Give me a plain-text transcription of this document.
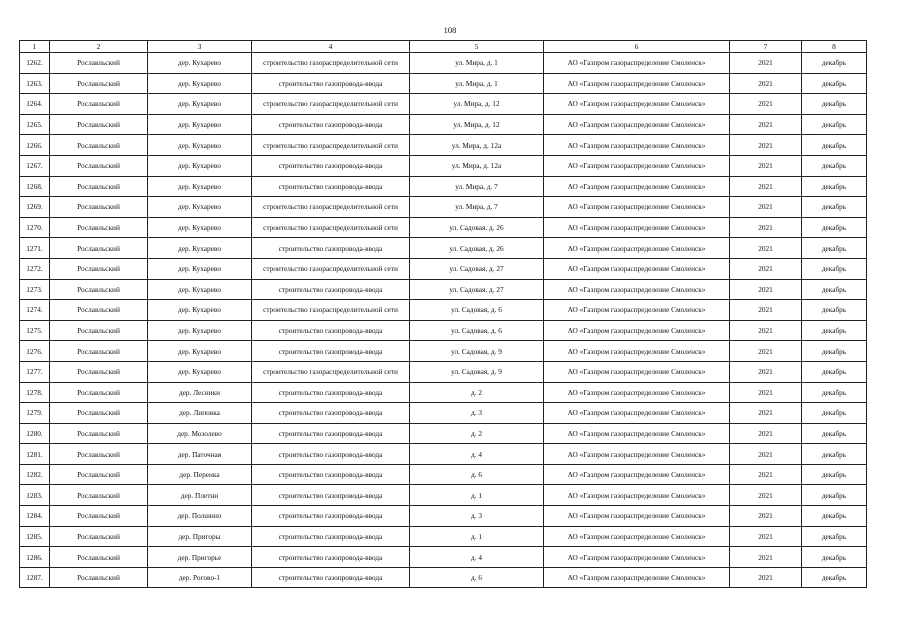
108
1	2	3	4	5	6	7	8
1262.	Рославльский	дер. Кухарево	строительство газораспределительной сети	ул. Мира, д. 1	АО «Газпром газораспределение Смоленск»	2021	декабрь
1263.	Рославльский	дер. Кухарево	строительство газопровода-ввода	ул. Мира, д. 1	АО «Газпром газораспределение Смоленск»	2021	декабрь
1264.	Рославльский	дер. Кухарево	строительство газораспределительной сети	ул. Мира, д. 12	АО «Газпром газораспределение Смоленск»	2021	декабрь
1265.	Рославльский	дер. Кухарево	строительство газопровода-ввода	ул. Мира, д. 12	АО «Газпром газораспределение Смоленск»	2021	декабрь
1266.	Рославльский	дер. Кухарево	строительство газораспределительной сети	ул. Мира, д. 12а	АО «Газпром газораспределение Смоленск»	2021	декабрь
1267.	Рославльский	дер. Кухарево	строительство газопровода-ввода	ул. Мира, д. 12а	АО «Газпром газораспределение Смоленск»	2021	декабрь
1268.	Рославльский	дер. Кухарево	строительство газопровода-ввода	ул. Мира, д. 7	АО «Газпром газораспределение Смоленск»	2021	декабрь
1269.	Рославльский	дер. Кухарево	строительство газораспределительной сети	ул. Мира, д. 7	АО «Газпром газораспределение Смоленск»	2021	декабрь
1270.	Рославльский	дер. Кухарево	строительство газораспределительной сети	ул. Садовая, д. 26	АО «Газпром газораспределение Смоленск»	2021	декабрь
1271.	Рославльский	дер. Кухарево	строительство газопровода-ввода	ул. Садовая, д. 26	АО «Газпром газораспределение Смоленск»	2021	декабрь
1272.	Рославльский	дер. Кухарево	строительство газораспределительной сети	ул. Садовая, д. 27	АО «Газпром газораспределение Смоленск»	2021	декабрь
1273.	Рославльский	дер. Кухарево	строительство газопровода-ввода	ул. Садовая, д. 27	АО «Газпром газораспределение Смоленск»	2021	декабрь
1274.	Рославльский	дер. Кухарево	строительство газораспределительной сети	ул. Садовая, д. 6	АО «Газпром газораспределение Смоленск»	2021	декабрь
1275.	Рославльский	дер. Кухарево	строительство газопровода-ввода	ул. Садовая, д. 6	АО «Газпром газораспределение Смоленск»	2021	декабрь
1276.	Рославльский	дер. Кухарево	строительство газопровода-ввода	ул. Садовая, д. 9	АО «Газпром газораспределение Смоленск»	2021	декабрь
1277.	Рославльский	дер. Кухарево	строительство газораспределительной сети	ул. Садовая, д. 9	АО «Газпром газораспределение Смоленск»	2021	декабрь
1278.	Рославльский	дер. Лесники	строительство газопровода-ввода	д. 2	АО «Газпром газораспределение Смоленск»	2021	декабрь
1279.	Рославльский	дер. Липовка	строительство газопровода-ввода	д. 3	АО «Газпром газораспределение Смоленск»	2021	декабрь
1280.	Рославльский	дер. Мозолево	строительство газопровода-ввода	д. 2	АО «Газпром газораспределение Смоленск»	2021	декабрь
1281.	Рославльский	дер. Паточная	строительство газопровода-ввода	д. 4	АО «Газпром газораспределение Смоленск»	2021	декабрь
1282.	Рославльский	дер. Перенка	строительство газопровода-ввода	д. 6	АО «Газпром газораспределение Смоленск»	2021	декабрь
1283.	Рославльский	дер. Плетни	строительство газопровода-ввода	д. 1	АО «Газпром газораспределение Смоленск»	2021	декабрь
1284.	Рославльский	дер. Полшино	строительство газопровода-ввода	д. 3	АО «Газпром газораспределение Смоленск»	2021	декабрь
1285.	Рославльский	дер. Пригоры	строительство газопровода-ввода	д. 1	АО «Газпром газораспределение Смоленск»	2021	декабрь
1286.	Рославльский	дер. Пригорье	строительство газопровода-ввода	д. 4	АО «Газпром газораспределение Смоленск»	2021	декабрь
1287.	Рославльский	дер. Рогово-1	строительство газопровода-ввода	д. 6	АО «Газпром газораспределение Смоленск»	2021	декабрь
